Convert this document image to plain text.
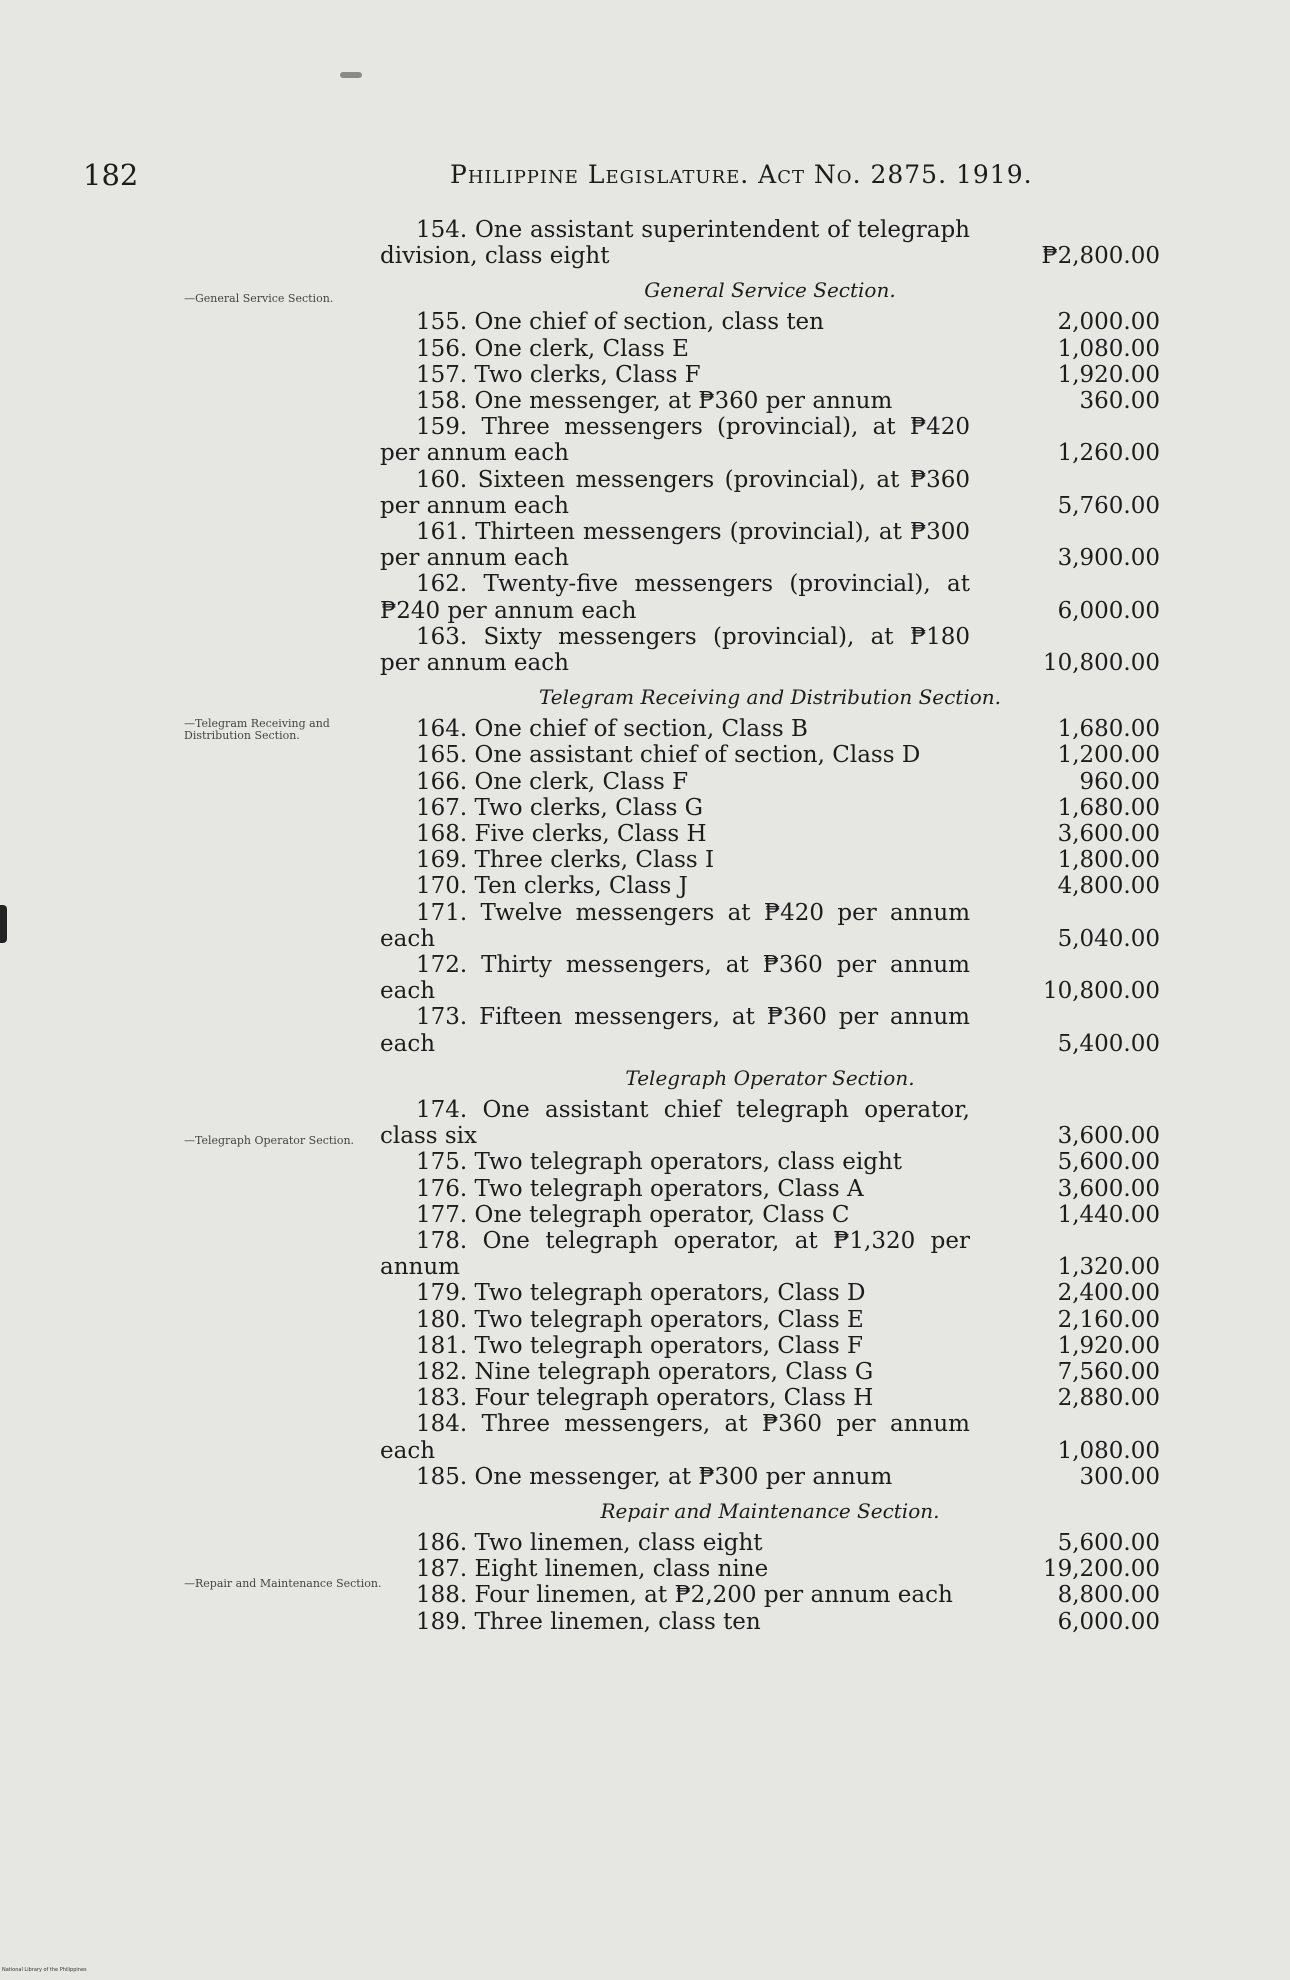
182	Philippine Legislature. Act No. 2875. 1919.
—General Service Section.
—Telegram Receiving and Distribution Section.
—Telegraph Operator Section.
—Repair and Maintenance Section.
154. One assistant superintendent of telegraph division, class eight	₱2,800.00
General Service Section.
155. One chief of section, class ten	2,000.00
156. One clerk, Class E	1,080.00
157. Two clerks, Class F	1,920.00
158. One messenger, at ₱360 per annum	360.00
159. Three messengers (provincial), at ₱420 per annum each	1,260.00
160. Sixteen messengers (provincial), at ₱360 per annum each	5,760.00
161. Thirteen messengers (provincial), at ₱300 per annum each	3,900.00
162. Twenty-five messengers (provincial), at ₱240 per annum each	6,000.00
163. Sixty messengers (provincial), at ₱180 per annum each	10,800.00
Telegram Receiving and Distribution Section.
164. One chief of section, Class B	1,680.00
165. One assistant chief of section, Class D	1,200.00
166. One clerk, Class F	960.00
167. Two clerks, Class G	1,680.00
168. Five clerks, Class H	3,600.00
169. Three clerks, Class I	1,800.00
170. Ten clerks, Class J	4,800.00
171. Twelve messengers at ₱420 per annum each	5,040.00
172. Thirty messengers, at ₱360 per annum each	10,800.00
173. Fifteen messengers, at ₱360 per annum each	5,400.00
Telegraph Operator Section.
174. One assistant chief telegraph operator, class six	3,600.00
175. Two telegraph operators, class eight	5,600.00
176. Two telegraph operators, Class A	3,600.00
177. One telegraph operator, Class C	1,440.00
178. One telegraph operator, at ₱1,320 per annum	1,320.00
179. Two telegraph operators, Class D	2,400.00
180. Two telegraph operators, Class E	2,160.00
181. Two telegraph operators, Class F	1,920.00
182. Nine telegraph operators, Class G	7,560.00
183. Four telegraph operators, Class H	2,880.00
184. Three messengers, at ₱360 per annum each	1,080.00
185. One messenger, at ₱300 per annum	300.00
Repair and Maintenance Section.
186. Two linemen, class eight	5,600.00
187. Eight linemen, class nine	19,200.00
188. Four linemen, at ₱2,200 per annum each	8,800.00
189. Three linemen, class ten	6,000.00
National Library of the Philippines
